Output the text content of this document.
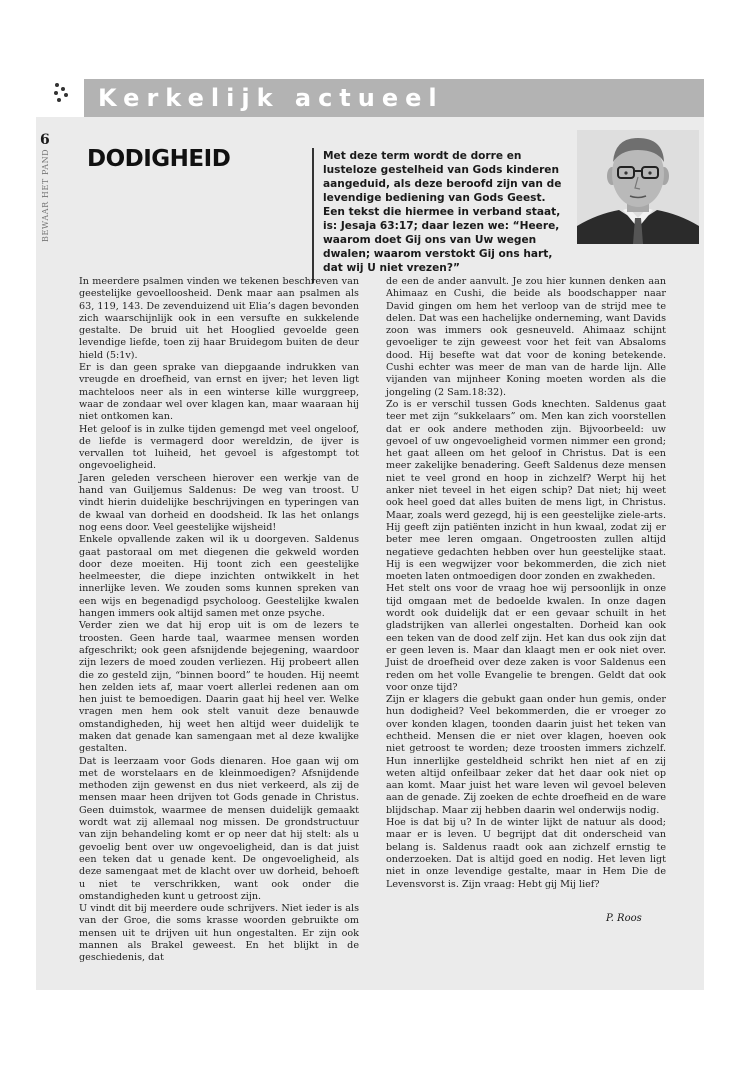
Kerkelijk actueel
6
BEWAAR HET PAND DODIGHEID	Met deze term wordt de dorre en lusteloze gestelheid van Gods kinderen aangeduid, als deze beroofd zijn van de levendige bediening van Gods Geest. Een tekst die hiermee in verband staat, is: Jesaja 63:17; daar lezen we: “Heere, waarom doet Gij ons van Uw wegen dwalen; waarom verstokt Gij ons hart, dat wij U niet vrezen?”

In meerdere psalmen vinden we tekenen beschreven van geestelijke gevoelloosheid. Denk maar aan psalmen als 63, 119, 143. De zevenduizend uit Elia’s dagen bevonden zich waarschijnlijk ook in een versufte en sukkelende gestalte. De bruid uit het Hooglied gevoelde geen levendige liefde, toen zij haar Bruidegom buiten de deur hield (5:1v).

Er is dan geen sprake van diepgaande indrukken van vreugde en droefheid, van ernst en ijver; het leven ligt machteloos neer als in een winterse kille wurggreep, waar de zondaar wel over klagen kan, maar waaraan hij niet ontkomen kan.

Het geloof is in zulke tijden gemengd met veel ongeloof, de liefde is vermagerd door wereldzin, de ijver is vervallen tot luiheid, het gevoel is afgestompt tot ongevoeligheid.

Jaren geleden verscheen hierover een werkje van de hand van Guiljemus Saldenus: De weg van troost. U vindt hierin duidelijke beschrijvingen en typeringen van de kwaal van dorheid en doodsheid. Ik las het onlangs nog eens door. Veel geestelijke wijsheid!

Enkele opvallende zaken wil ik u doorgeven. Saldenus gaat pastoraal om met diegenen die gekweld worden door deze moeiten. Hij toont zich een geestelijke heelmeester, die diepe inzichten ontwikkelt in het innerlijke leven. We zouden soms kunnen spreken van een wijs en begenadigd psycholoog. Geestelijke kwalen hangen immers ook altijd samen met onze psyche.

Verder zien we dat hij erop uit is om de lezers te troosten. Geen harde taal, waarmee mensen worden afgeschrikt; ook geen afsnijdende bejegening, waardoor zijn lezers de moed zouden verliezen. Hij probeert allen die zo gesteld zijn, “binnen boord” te houden. Hij neemt hen zelden iets af, maar voert allerlei redenen aan om hen juist te bemoedigen. Daarin gaat hij heel ver. Welke vragen men hem ook stelt vanuit deze benauwde omstandigheden, hij weet hen altijd weer duidelijk te maken dat genade kan samengaan met al deze kwalijke gestalten.

Dat is leerzaam voor Gods dienaren. Hoe gaan wij om met de worstelaars en de kleinmoedigen? Afsnijdende methoden zijn gewenst en dus niet verkeerd, als zij de mensen maar heen drijven tot Gods genade in Christus. Geen duimstok, waarmee de mensen duidelijk gemaakt wordt wat zij allemaal nog missen. De grondstructuur van zijn behandeling komt er op neer dat hij stelt: als u gevoelig bent over uw ongevoeligheid, dan is dat juist een teken dat u genade kent. De ongevoeligheid, als deze samengaat met de klacht over uw dorheid, behoeft u niet te verschrikken, want ook onder die omstandigheden kunt u getroost zijn.

U vindt dit bij meerdere oude schrijvers. Niet ieder is als van der Groe, die soms krasse woorden gebruikte om mensen uit te drijven uit hun ongestalten. Er zijn ook mannen als Brakel geweest. En het blijkt in de geschiedenis, dat

de een de ander aanvult. Je zou hier kunnen denken aan Ahimaaz en Cushi, die beide als boodschapper naar David gingen om hem het verloop van de strijd mee te delen. Dat was een hachelijke onderneming, want Davids zoon was immers ook gesneuveld. Ahimaaz schijnt gevoeliger te zijn geweest voor het feit van Absaloms dood. Hij besefte wat dat voor de koning betekende. Cushi echter was meer de man van de harde lijn. Alle vijanden van mijnheer Koning moeten worden als die jongeling (2 Sam.18:32).

Zo is er verschil tussen Gods knechten. Saldenus gaat teer met zijn “sukkelaars” om. Men kan zich voorstellen dat er ook andere methoden zijn. Bijvoorbeeld: uw gevoel of uw ongevoeligheid vormen nimmer een grond; het gaat alleen om het geloof in Christus. Dat is een meer zakelijke benadering. Geeft Saldenus deze mensen niet te veel grond en hoop in zichzelf? Werpt hij het anker niet teveel in het eigen schip? Dat niet; hij weet ook heel goed dat alles buiten de mens ligt, in Christus. Maar, zoals werd gezegd, hij is een geestelijke ziele-arts. Hij geeft zijn patiënten inzicht in hun kwaal, zodat zij er beter mee leren omgaan. Ongetroosten zullen altijd negatieve gedachten hebben over hun geestelijke staat. Hij is een wegwijzer voor bekommerden, die zich niet moeten laten ontmoedigen door zonden en zwakheden.

Het stelt ons voor de vraag hoe wij persoonlijk in onze tijd omgaan met de bedoelde kwalen. In onze dagen wordt ook duidelijk dat er een gevaar schuilt in het gladstrijken van allerlei ongestalten. Dorheid kan ook een teken van de dood zelf zijn. Het kan dus ook zijn dat er geen leven is. Maar dan klaagt men er ook niet over. Juist de droefheid over deze zaken is voor Saldenus een reden om het volle Evangelie te brengen. Geldt dat ook voor onze tijd?

Zijn er klagers die gebukt gaan onder hun gemis, onder hun dodigheid? Veel bekommerden, die er vroeger zo over konden klagen, toonden daarin juist het teken van echtheid. Mensen die er niet over klagen, hoeven ook niet getroost te worden; deze troosten immers zichzelf. Hun innerlijke gesteldheid schrikt hen niet af en zij weten altijd onfeilbaar zeker dat het daar ook niet op aan komt. Maar juist het ware leven wil gevoel beleven aan de genade. Zij zoeken de echte droefheid en de ware blijdschap. Maar zij hebben daarin wel onderwijs nodig.

Hoe is dat bij u? In de winter lijkt de natuur als dood; maar er is leven. U begrijpt dat dit onderscheid van belang is. Saldenus raadt ook aan zichzelf ernstig te onderzoeken. Dat is altijd goed en nodig. Het leven ligt niet in onze levendige gestalte, maar in Hem Die de Levensvorst is. Zijn vraag: Hebt gij Mij lief?

P. Roos
